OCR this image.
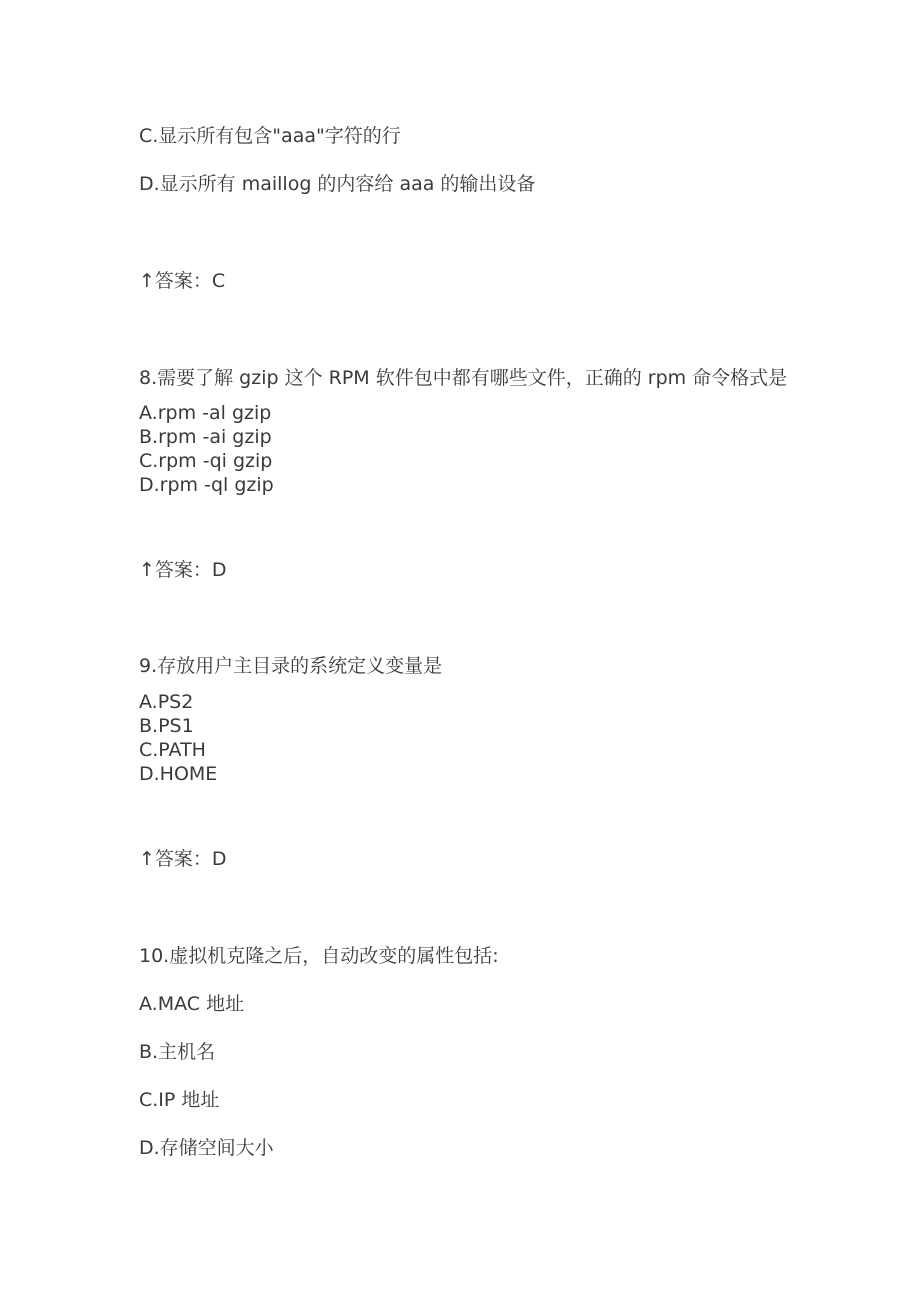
C.显示所有包含"aaa"字符的行
D.显示所有 maillog 的内容给 aaa 的输出设备
↑答案：C
8.需要了解 gzip 这个 RPM 软件包中都有哪些文件，正确的 rpm 命令格式是
A.rpm -al gzip
B.rpm -ai gzip
C.rpm -qi gzip
D.rpm -ql gzip
↑答案：D
9.存放用户主目录的系统定义变量是
A.PS2
B.PS1
C.PATH
D.HOME
↑答案：D
10.虚拟机克隆之后，自动改变的属性包括:
A.MAC 地址
B.主机名
C.IP 地址
D.存储空间大小
